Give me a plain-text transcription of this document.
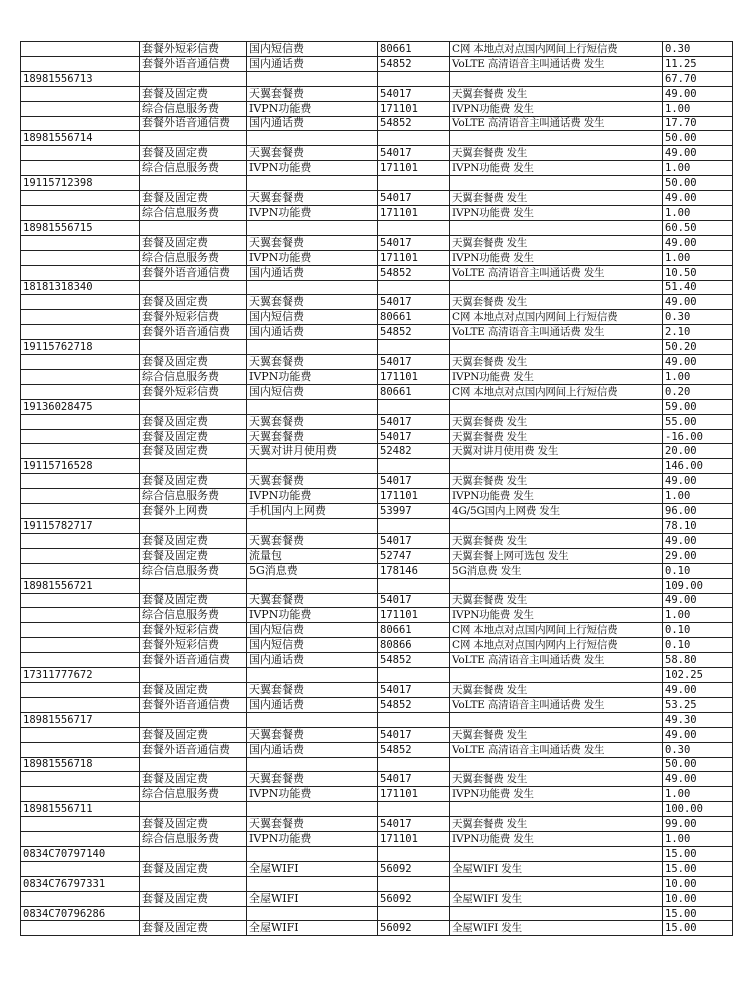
	套餐外短彩信费	国内短信费	80661	C网 本地点对点国内网间上行短信费	0.30
	套餐外语音通信费	国内通话费	54852	VoLTE 高清语音主叫通话费 发生	11.25
18981556713					67.70
	套餐及固定费	天翼套餐费	54017	天翼套餐费 发生	49.00
	综合信息服务费	IVPN功能费	171101	IVPN功能费 发生	1.00
	套餐外语音通信费	国内通话费	54852	VoLTE 高清语音主叫通话费 发生	17.70
18981556714					50.00
	套餐及固定费	天翼套餐费	54017	天翼套餐费 发生	49.00
	综合信息服务费	IVPN功能费	171101	IVPN功能费 发生	1.00
19115712398					50.00
	套餐及固定费	天翼套餐费	54017	天翼套餐费 发生	49.00
	综合信息服务费	IVPN功能费	171101	IVPN功能费 发生	1.00
18981556715					60.50
	套餐及固定费	天翼套餐费	54017	天翼套餐费 发生	49.00
	综合信息服务费	IVPN功能费	171101	IVPN功能费 发生	1.00
	套餐外语音通信费	国内通话费	54852	VoLTE 高清语音主叫通话费 发生	10.50
18181318340					51.40
	套餐及固定费	天翼套餐费	54017	天翼套餐费 发生	49.00
	套餐外短彩信费	国内短信费	80661	C网 本地点对点国内网间上行短信费	0.30
	套餐外语音通信费	国内通话费	54852	VoLTE 高清语音主叫通话费 发生	2.10
19115762718					50.20
	套餐及固定费	天翼套餐费	54017	天翼套餐费 发生	49.00
	综合信息服务费	IVPN功能费	171101	IVPN功能费 发生	1.00
	套餐外短彩信费	国内短信费	80661	C网 本地点对点国内网间上行短信费	0.20
19136028475					59.00
	套餐及固定费	天翼套餐费	54017	天翼套餐费 发生	55.00
	套餐及固定费	天翼套餐费	54017	天翼套餐费 发生	-16.00
	套餐及固定费	天翼对讲月使用费	52482	天翼对讲月使用费 发生	20.00
19115716528					146.00
	套餐及固定费	天翼套餐费	54017	天翼套餐费 发生	49.00
	综合信息服务费	IVPN功能费	171101	IVPN功能费 发生	1.00
	套餐外上网费	手机国内上网费	53997	4G/5G国内上网费 发生	96.00
19115782717					78.10
	套餐及固定费	天翼套餐费	54017	天翼套餐费 发生	49.00
	套餐及固定费	流量包	52747	天翼套餐上网可选包 发生	29.00
	综合信息服务费	5G消息费	178146	5G消息费 发生	0.10
18981556721					109.00
	套餐及固定费	天翼套餐费	54017	天翼套餐费 发生	49.00
	综合信息服务费	IVPN功能费	171101	IVPN功能费 发生	1.00
	套餐外短彩信费	国内短信费	80661	C网 本地点对点国内网间上行短信费	0.10
	套餐外短彩信费	国内短信费	80866	C网 本地点对点国内网内上行短信费	0.10
	套餐外语音通信费	国内通话费	54852	VoLTE 高清语音主叫通话费 发生	58.80
17311777672					102.25
	套餐及固定费	天翼套餐费	54017	天翼套餐费 发生	49.00
	套餐外语音通信费	国内通话费	54852	VoLTE 高清语音主叫通话费 发生	53.25
18981556717					49.30
	套餐及固定费	天翼套餐费	54017	天翼套餐费 发生	49.00
	套餐外语音通信费	国内通话费	54852	VoLTE 高清语音主叫通话费 发生	0.30
18981556718					50.00
	套餐及固定费	天翼套餐费	54017	天翼套餐费 发生	49.00
	综合信息服务费	IVPN功能费	171101	IVPN功能费 发生	1.00
18981556711					100.00
	套餐及固定费	天翼套餐费	54017	天翼套餐费 发生	99.00
	综合信息服务费	IVPN功能费	171101	IVPN功能费 发生	1.00
0834C70797140					15.00
	套餐及固定费	全屋WIFI	56092	全屋WIFI 发生	15.00
0834C76797331					10.00
	套餐及固定费	全屋WIFI	56092	全屋WIFI 发生	10.00
0834C70796286					15.00
	套餐及固定费	全屋WIFI	56092	全屋WIFI 发生	15.00
